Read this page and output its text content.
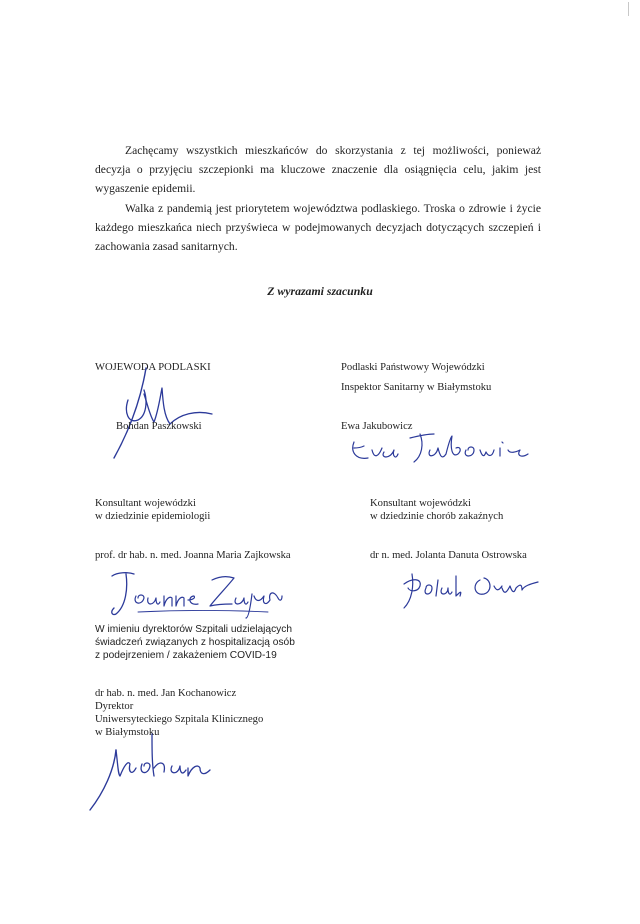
Zachęcamy wszystkich mieszkańców do skorzystania z tej możliwości, ponieważ decyzja o przyjęciu szczepionki ma kluczowe znaczenie dla osiągnięcia celu, jakim jest wygaszenie epidemii.

Walka z pandemią jest priorytetem województwa podlaskiego. Troska o zdrowie i życie każdego mieszkańca niech przyświeca w podejmowanych decyzjach dotyczących szczepień i zachowania zasad sanitarnych.

Z wyrazami szacunku
WOJEWODA PODLASKI
Bohdan Paszkowski
Podlaski Państwowy Wojewódzki
Inspektor Sanitarny w Białymstoku
Ewa Jakubowicz
Konsultant wojewódzki
w dziedzinie epidemiologii
prof. dr hab. n. med. Joanna Maria Zajkowska
Konsultant wojewódzki
w dziedzinie chorób zakaźnych
dr n. med. Jolanta Danuta Ostrowska
W imieniu dyrektorów Szpitali udzielających
świadczeń związanych z hospitalizacją osób
z podejrzeniem / zakażeniem COVID-19
dr hab. n. med. Jan Kochanowicz
Dyrektor
Uniwersyteckiego Szpitala Klinicznego
w Białymstoku
